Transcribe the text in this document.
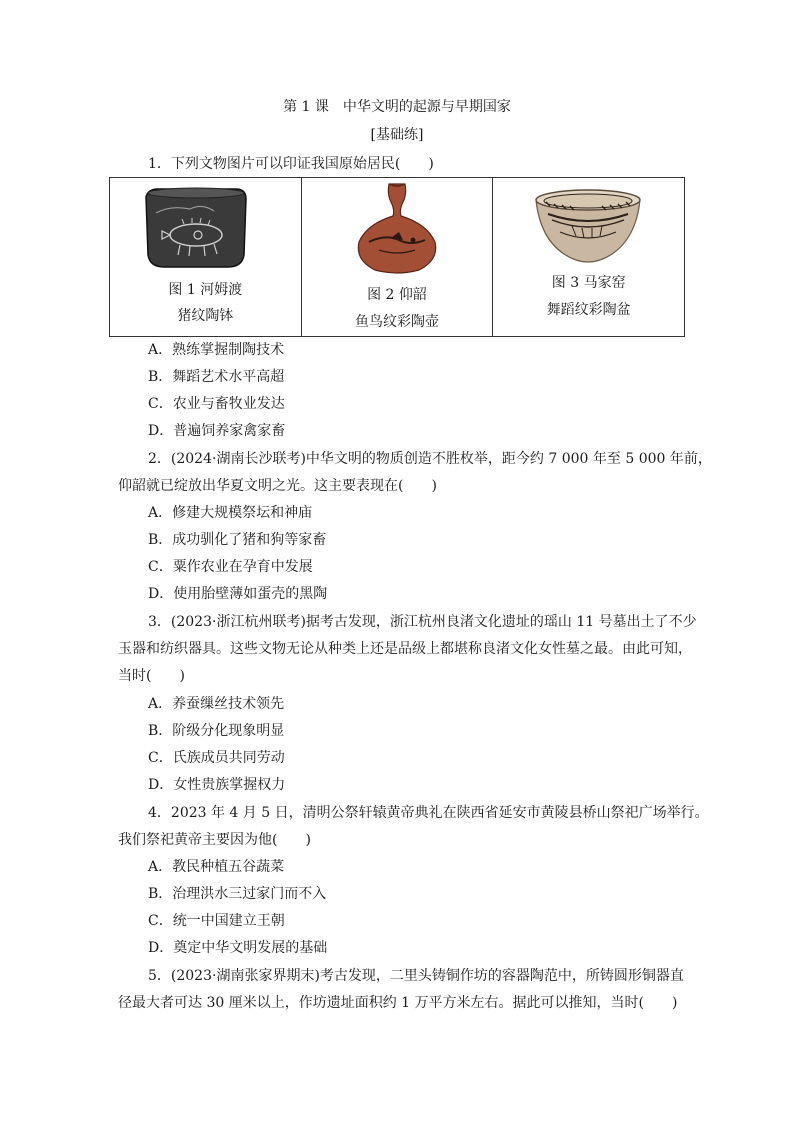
第 1 课　中华文明的起源与早期国家
[基础练]
1．下列文物图片可以印证我国原始居民(　　)
图 1 河姆渡
猪纹陶钵
图 2 仰韶
鱼鸟纹彩陶壶
图 3 马家窑
舞蹈纹彩陶盆
A．熟练掌握制陶技术
B．舞蹈艺术水平高超
C．农业与畜牧业发达
D．普遍饲养家禽家畜
2．(2024·湖南长沙联考)中华文明的物质创造不胜枚举，距今约 7 000 年至 5 000 年前，
仰韶就已绽放出华夏文明之光。这主要表现在(　　)
A．修建大规模祭坛和神庙
B．成功驯化了猪和狗等家畜
C．粟作农业在孕育中发展
D．使用胎壁薄如蛋壳的黑陶
3．(2023·浙江杭州联考)据考古发现，浙江杭州良渚文化遗址的瑶山 11 号墓出土了不少
玉器和纺织器具。这些文物无论从种类上还是品级上都堪称良渚文化女性墓之最。由此可知，
当时(　　)
A．养蚕缫丝技术领先
B．阶级分化现象明显
C．氏族成员共同劳动
D．女性贵族掌握权力
4．2023 年 4 月 5 日，清明公祭轩辕黄帝典礼在陕西省延安市黄陵县桥山祭祀广场举行。
我们祭祀黄帝主要因为他(　　)
A．教民种植五谷蔬菜
B．治理洪水三过家门而不入
C．统一中国建立王朝
D．奠定中华文明发展的基础
5．(2023·湖南张家界期末)考古发现，二里头铸铜作坊的容器陶范中，所铸圆形铜器直
径最大者可达 30 厘米以上，作坊遗址面积约 1 万平方米左右。据此可以推知，当时(　　)
